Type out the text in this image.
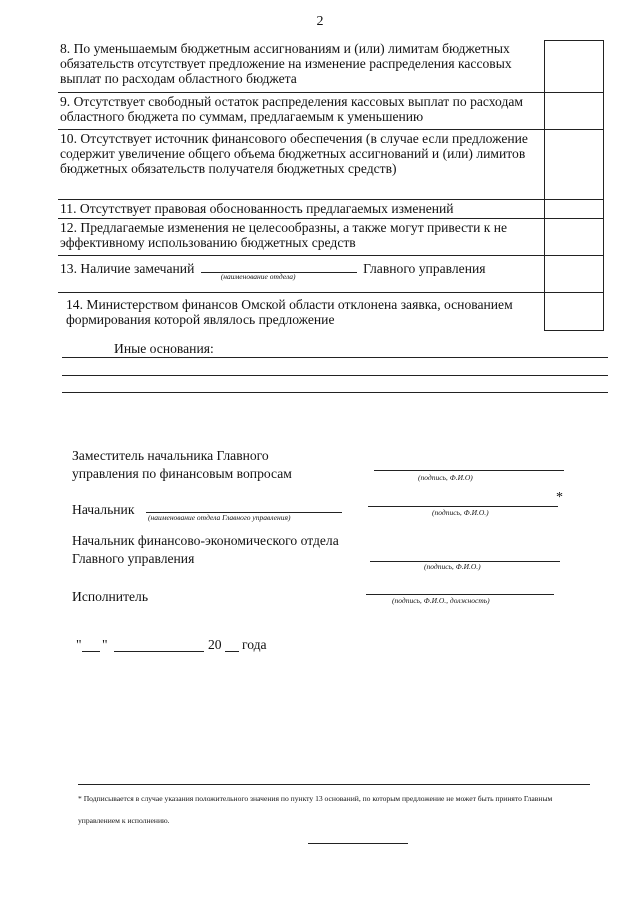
2
8. По уменьшаемым бюджетным ассигнованиям и (или) лимитам бюджетных обязательств отсутствует предложение на изменение распределения кассовых выплат по расходам областного бюджета
9. Отсутствует свободный остаток распределения кассовых выплат по расходам областного бюджета по суммам, предлагаемым к уменьшению
10. Отсутствует источник финансового обеспечения (в случае если предложение содержит увеличение общего объема бюджетных ассигнований и (или) лимитов бюджетных обязательств получателя бюджетных средств)
11. Отсутствует правовая обоснованность предлагаемых изменений
12. Предлагаемые изменения не целесообразны, а также могут привести к не эффективному использованию бюджетных средств
13. Наличие замечаний
(наименование отдела)
Главного управления
14. Министерством финансов Омской области отклонена заявка, основанием формирования которой являлось предложение
Иные основания:
Заместитель начальника Главного управления по финансовым вопросам	(подпись, Ф.И.О)
Начальник
(наименование отдела Главного управления)
*
(подпись, Ф.И.О.)
Начальник финансово-экономического отдела Главного управления
(подпись, Ф.И.О.)
Исполнитель	(подпись, Ф.И.О., должность)
" "	20 года
* Подписывается в случае указания положительного значения по пункту 13 оснований, по которым предложение не может быть принято Главным управлением к исполнению.
